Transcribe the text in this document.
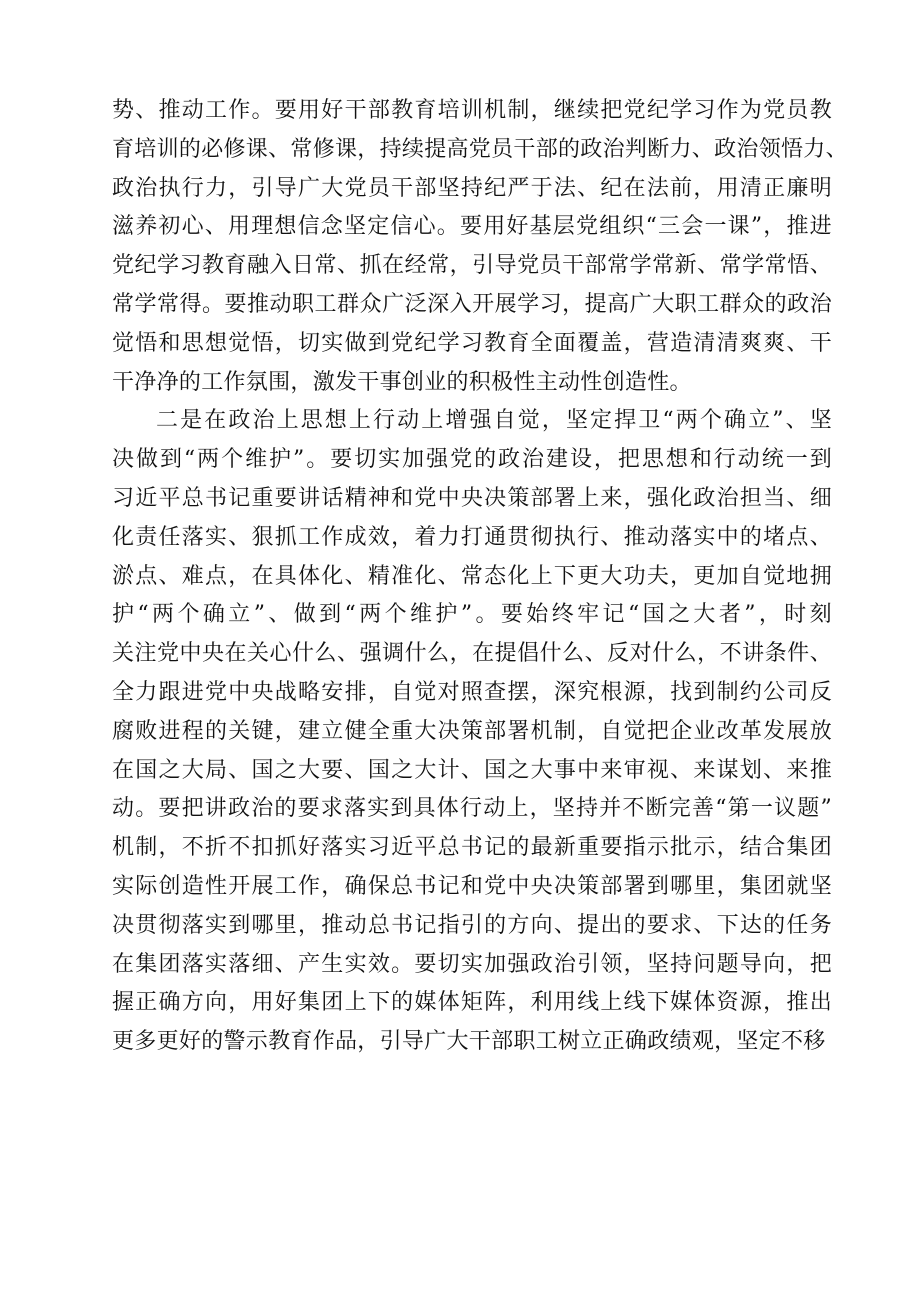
势、推动工作。要用好干部教育培训机制，继续把党纪学习作为党员教
育培训的必修课、常修课，持续提高党员干部的政治判断力、政治领悟力、
政治执行力，引导广大党员干部坚持纪严于法、纪在法前，用清正廉明
滋养初心、用理想信念坚定信心。要用好基层党组织“三会一课”，推进
党纪学习教育融入日常、抓在经常，引导党员干部常学常新、常学常悟、
常学常得。要推动职工群众广泛深入开展学习，提高广大职工群众的政治
觉悟和思想觉悟，切实做到党纪学习教育全面覆盖，营造清清爽爽、干
干净净的工作氛围，激发干事创业的积极性主动性创造性。
二是在政治上思想上行动上增强自觉，坚定捍卫“两个确立”、坚
决做到“两个维护”。要切实加强党的政治建设，把思想和行动统一到
习近平总书记重要讲话精神和党中央决策部署上来，强化政治担当、细
化责任落实、狠抓工作成效，着力打通贯彻执行、推动落实中的堵点、
淤点、难点，在具体化、精准化、常态化上下更大功夫，更加自觉地拥
护“两个确立”、做到“两个维护”。要始终牢记“国之大者”，时刻
关注党中央在关心什么、强调什么，在提倡什么、反对什么，不讲条件、
全力跟进党中央战略安排，自觉对照查摆，深究根源，找到制约公司反
腐败进程的关键，建立健全重大决策部署机制，自觉把企业改革发展放
在国之大局、国之大要、国之大计、国之大事中来审视、来谋划、来推
动。要把讲政治的要求落实到具体行动上，坚持并不断完善“第一议题”
机制，不折不扣抓好落实习近平总书记的最新重要指示批示，结合集团
实际创造性开展工作，确保总书记和党中央决策部署到哪里，集团就坚
决贯彻落实到哪里，推动总书记指引的方向、提出的要求、下达的任务
在集团落实落细、产生实效。要切实加强政治引领，坚持问题导向，把
握正确方向，用好集团上下的媒体矩阵，利用线上线下媒体资源，推出
更多更好的警示教育作品，引导广大干部职工树立正确政绩观，坚定不移
